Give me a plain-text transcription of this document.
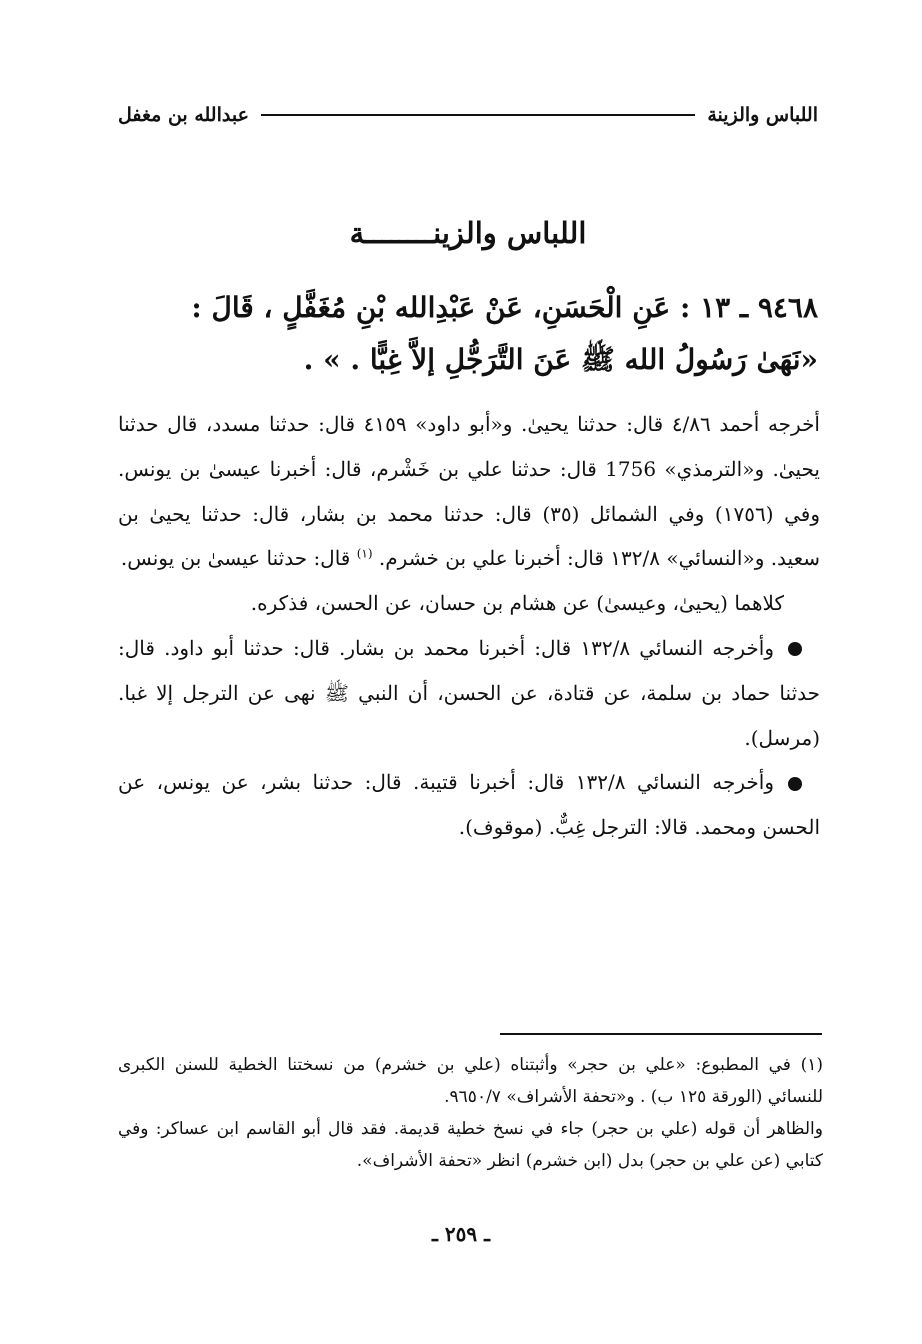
اللباس والزينة
عبدالله بن مغفل
اللباس والزينــــــــة

٩٤٦٨ ـ ١٣ : عَنِ الْحَسَنِ، عَنْ عَبْدِالله بْنِ مُغَفَّلٍ ، قَالَ :

«نَهَىٰ رَسُولُ الله ﷺ عَنَ التَّرَجُّلِ إلاَّ غِبًّا . » .

أخرجه أحمد ٤/٨٦ قال: حدثنا يحيىٰ. و«أبو داود» ٤١٥٩ قال: حدثنا مسدد، قال حدثنا يحيىٰ. و«الترمذي» 1756 قال: حدثنا علي بن خَشْرم، قال: أخبرنا عيسىٰ بن يونس. وفي (١٧٥٦) وفي الشمائل (٣٥) قال: حدثنا محمد بن بشار، قال: حدثنا يحيىٰ بن سعيد. و«النسائي» ١٣٢/٨ قال: أخبرنا علي بن خشرم. $^{(١)}$ قال: حدثنا عيسىٰ بن يونس.

كلاهما (يحيىٰ، وعيسىٰ) عن هشام بن حسان، عن الحسن، فذكره.

وأخرجه النسائي ١٣٢/٨ قال: أخبرنا محمد بن بشار. قال: حدثنا أبو داود. قال: حدثنا حماد بن سلمة، عن قتادة، عن الحسن، أن النبي ﷺ نهى عن الترجل إلا غبا. (مرسل).

وأخرجه النسائي ١٣٢/٨ قال: أخبرنا قتيبة. قال: حدثنا بشر، عن يونس، عن الحسن ومحمد. قالا: الترجل غِبٌّ. (موقوف).

(١) في المطبوع: «علي بن حجر» وأثبتناه (علي بن خشرم) من نسختنا الخطية للسنن الكبرى للنسائي (الورقة ١٢٥ ب) . و«تحفة الأشراف» ٩٦٥٠/٧.

والظاهر أن قوله (علي بن حجر) جاء في نسخ خطية قديمة. فقد قال أبو القاسم ابن عساكر: وفي كتابي (عن علي بن حجر) بدل (ابن خشرم) انظر «تحفة الأشراف».

ـ ٢٥٩ ـ
